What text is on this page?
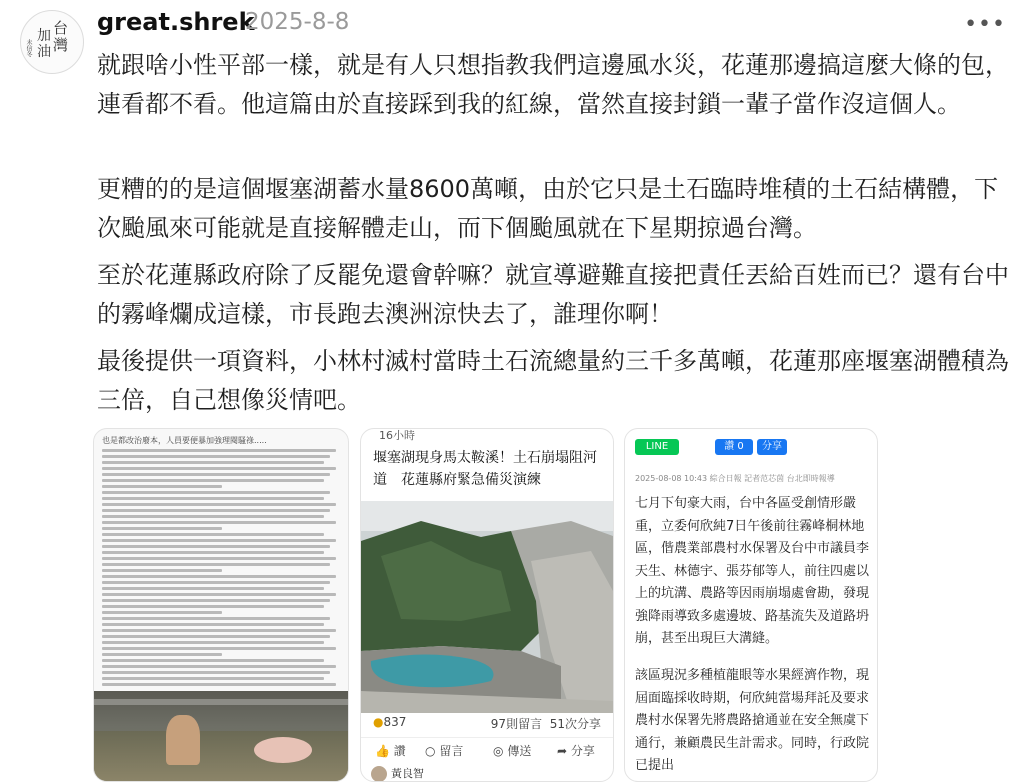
台
灣
加
油
未信冬
great.shrek
2025-8-8	•••
就跟啥小性平部一樣，就是有人只想指教我們這邊風水災，花蓮那邊搞這麼大條的包，連看都不看。他這篇由於直接踩到我的紅線，當然直接封鎖一輩子當作沒這個人。
更糟的的是這個堰塞湖蓄水量8600萬噸，由於它只是土石臨時堆積的土石結構體，下次颱風來可能就是直接解體走山，而下個颱風就在下星期掠過台灣。
至於花蓮縣政府除了反罷免還會幹嘛？就宣導避難直接把責任丟給百姓而已？還有台中的霧峰爛成這樣，市長跑去澳洲涼快去了，誰理你啊！
最後提供一項資料，小林村滅村當時土石流總量約三千多萬噸，花蓮那座堰塞湖體積為三倍，自己想像災情吧。
也是都改治廢本，人員要便暴加強理閱騷祿.....	16小時
堰塞湖現身馬太鞍溪！土石崩塌阻河道　花蓮縣府緊急備災演練
●837	97則留言 51次分享
👍 讚 ○ 留言 ◎ 傳送 ➦ 分享
黃良智
LINE	讚 0	分享
2025-08-08 10:43 綜合日報 記者范芯茵 台北即時報導
七月下旬豪大雨，台中各區受創情形嚴重，立委何欣純7日午後前往霧峰桐林地區，偕農業部農村水保署及台中市議員李天生、林德宇、張芬郁等人，前往四處以上的坑溝、農路等因雨崩塌處會勘，發現強降雨導致多處邊坡、路基流失及道路坍崩，甚至出現巨大溝縫。
該區現況多種植龍眼等水果經濟作物，現屆面臨採收時期，何欣純當場拜託及要求農村水保署先將農路搶通並在安全無虞下通行，兼顧農民生計需求。同時，行政院已提出
